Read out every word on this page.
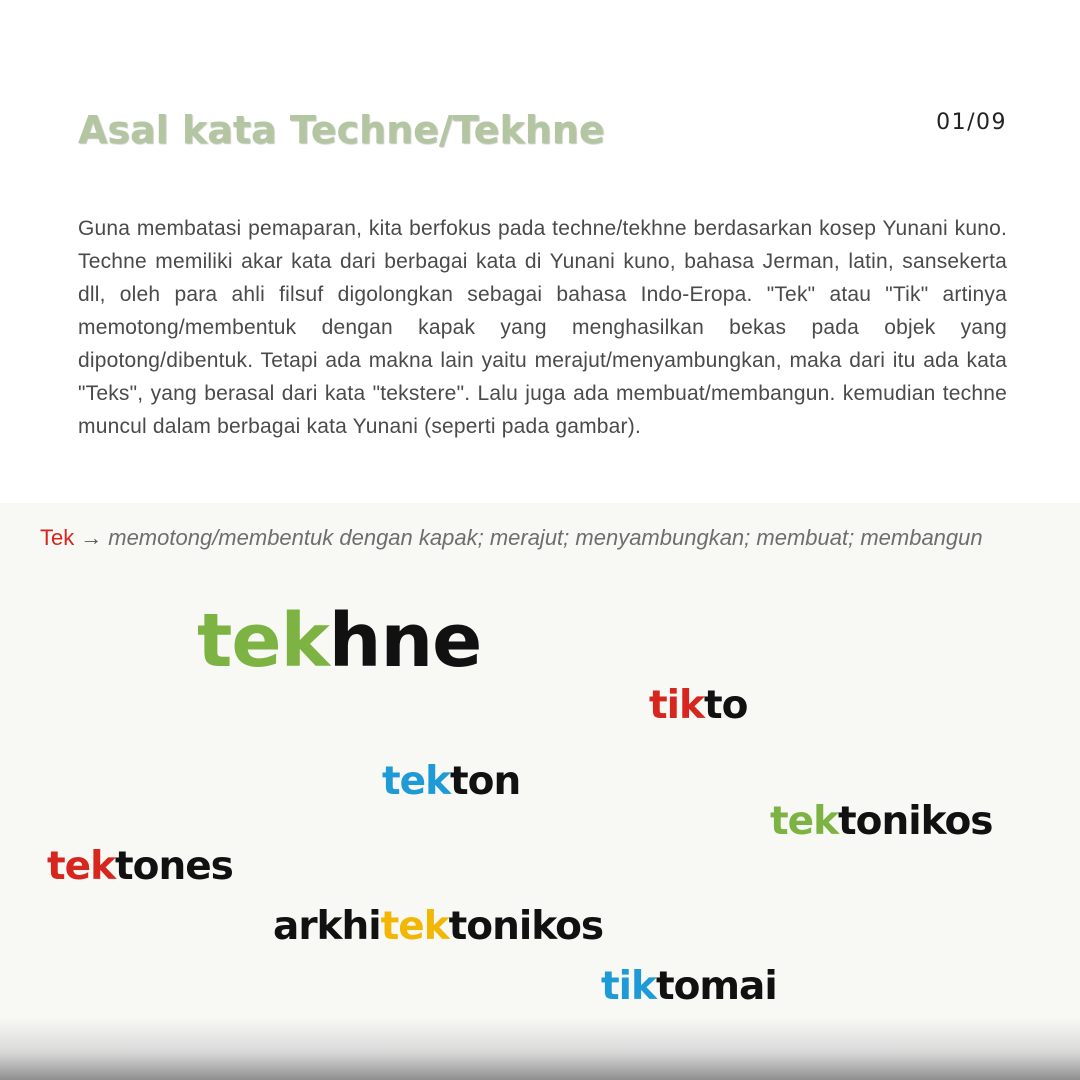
Asal kata Techne/Tekhne	01/09

Guna membatasi pemaparan, kita berfokus pada techne/tekhne berdasarkan kosep Yunani kuno. Techne memiliki akar kata dari berbagai kata di Yunani kuno, bahasa Jerman, latin, sansekerta dll, oleh para ahli filsuf digolongkan sebagai bahasa Indo-Eropa. "Tek" atau "Tik" artinya memotong/membentuk dengan kapak yang menghasilkan bekas pada objek yang dipotong/dibentuk. Tetapi ada makna lain yaitu merajut/menyambungkan, maka dari itu ada kata "Teks", yang berasal dari kata "tekstere". Lalu juga ada membuat/membangun. kemudian techne muncul dalam berbagai kata Yunani (seperti pada gambar).

Tek → memotong/membentuk dengan kapak; merajut; menyambungkan; membuat; membangun
tekhne
tikto
tekton
tektonikos
tektones
arkhitektonikos
tiktomai
